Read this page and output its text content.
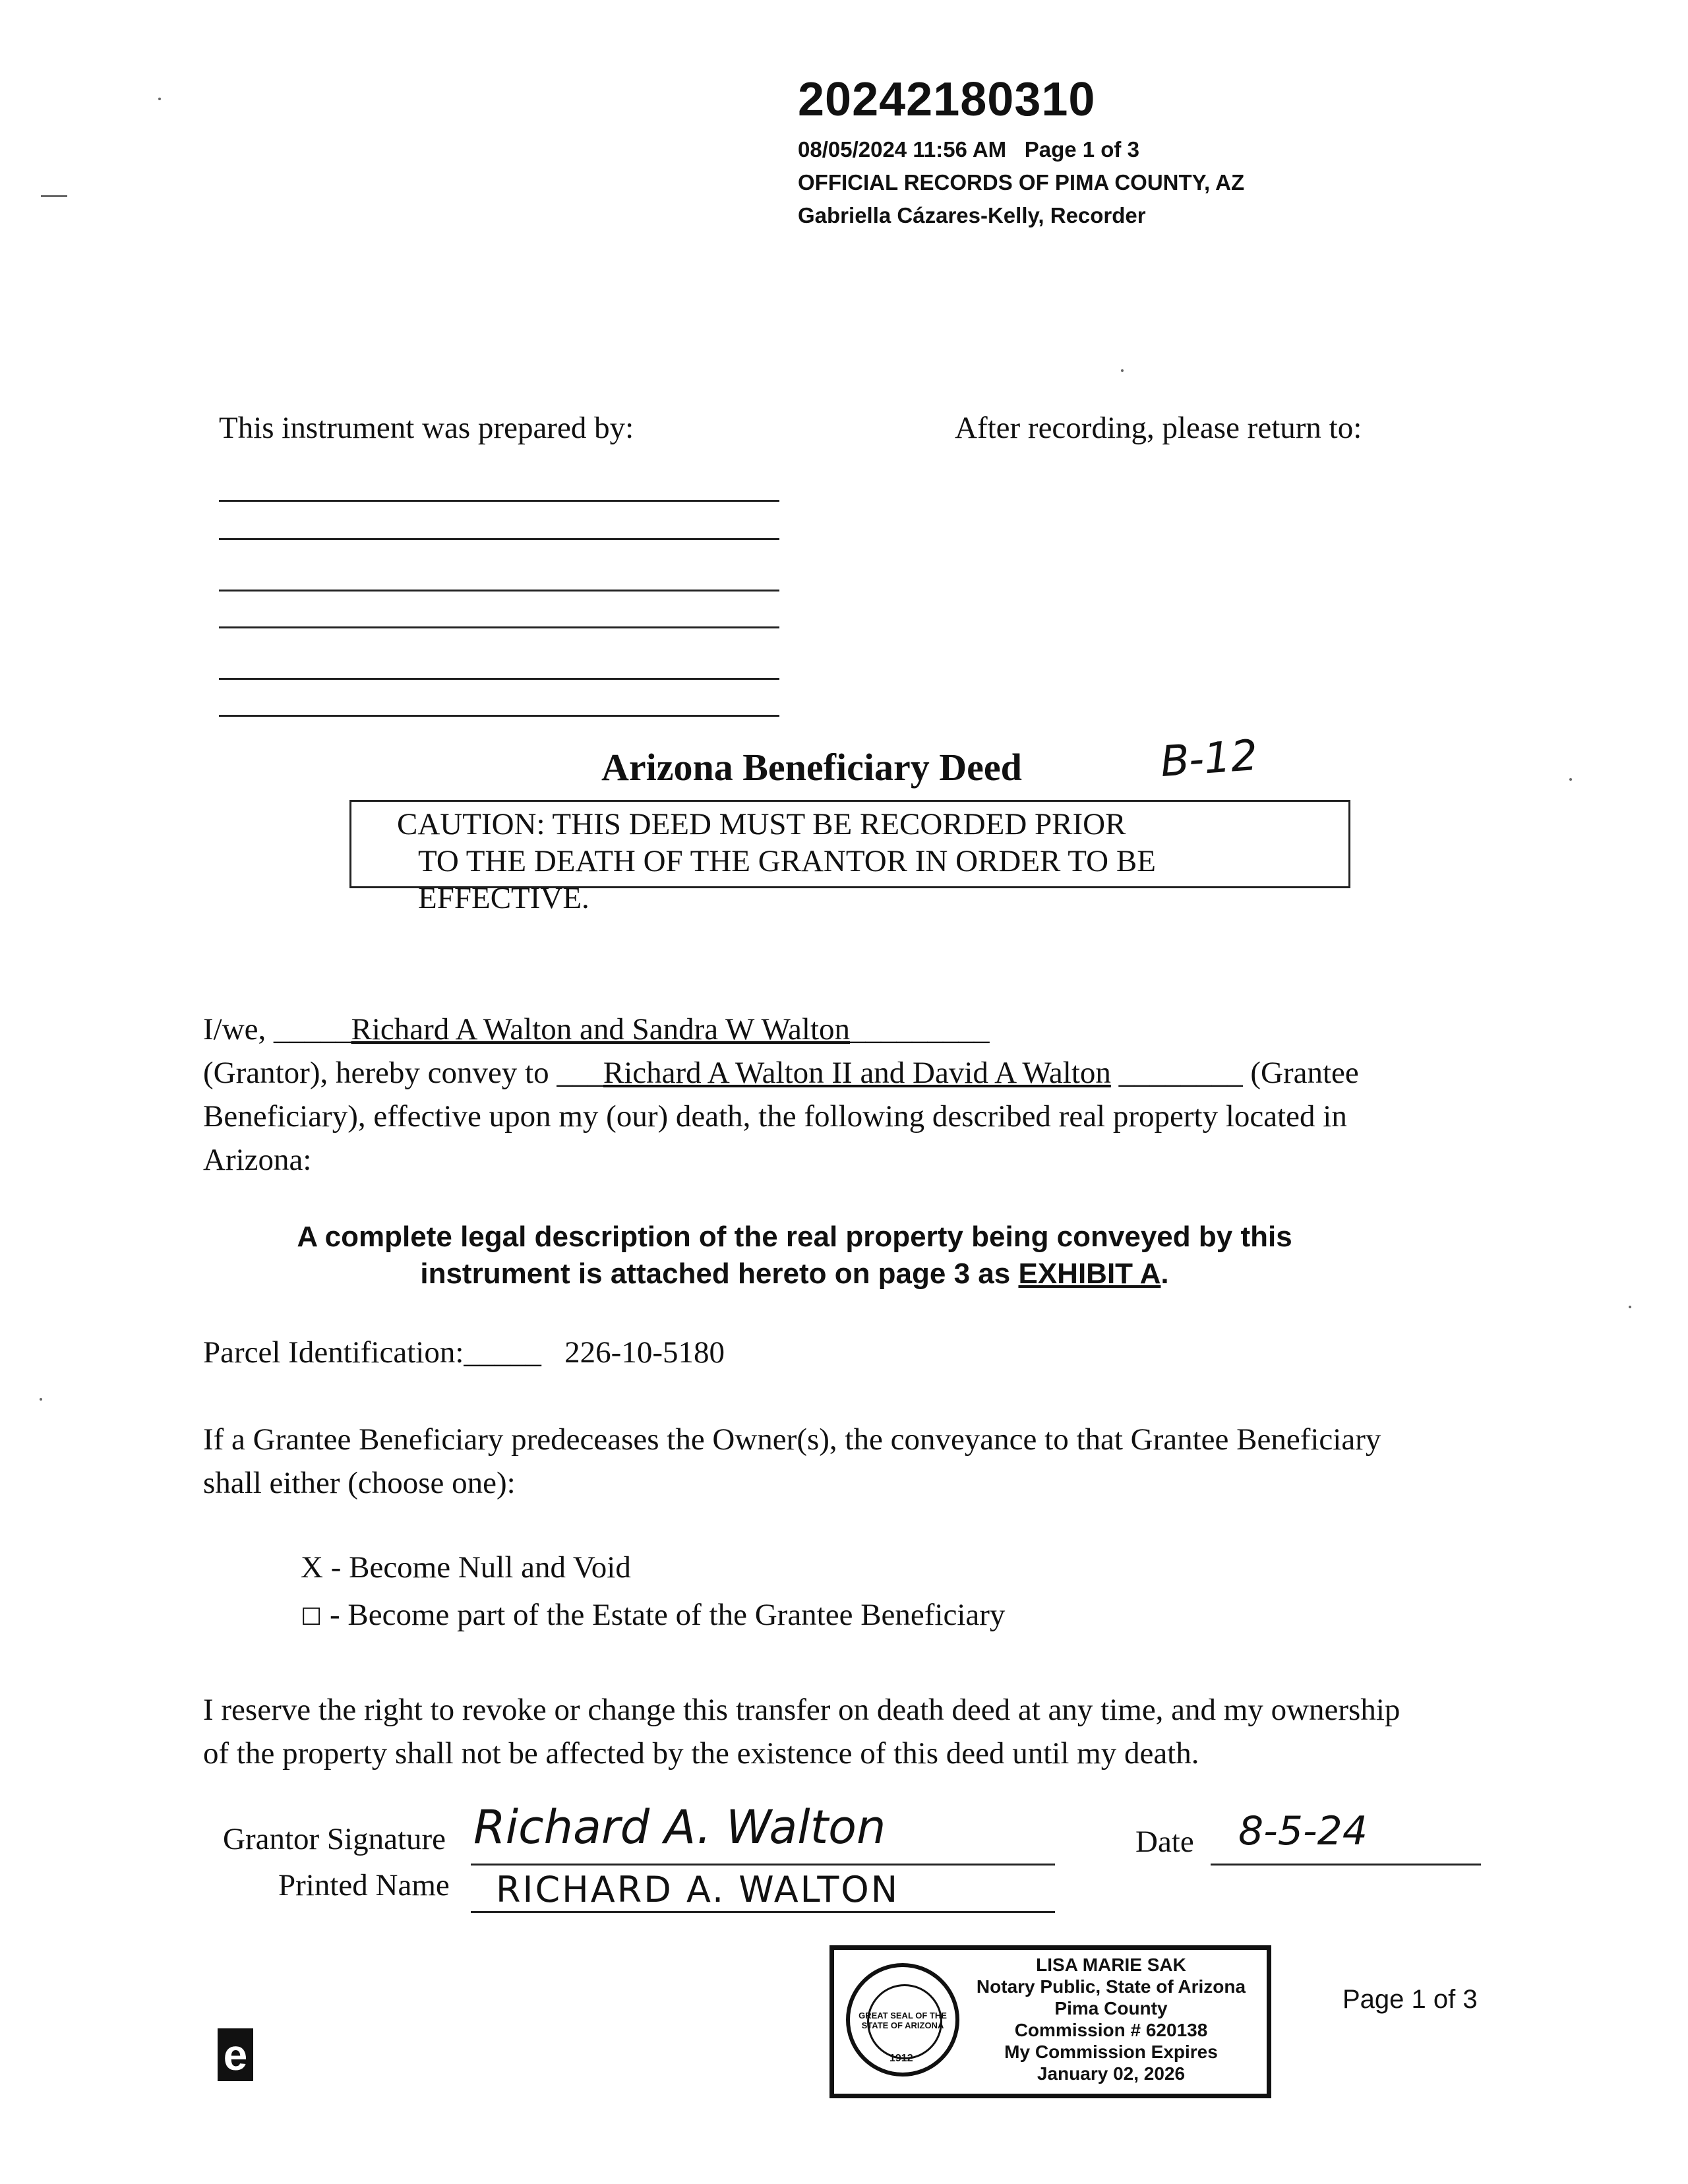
20242180310
08/05/2024 11:56 AM Page 1 of 3
OFFICIAL RECORDS OF PIMA COUNTY, AZ
Gabriella Cázares-Kelly, Recorder
This instrument was prepared by:	After recording, please return to:
Arizona Beneficiary Deed	B-12
CAUTION: THIS DEED MUST BE RECORDED PRIOR
TO THE DEATH OF THE GRANTOR IN ORDER TO BE
EFFECTIVE.
I/we, _____Richard A Walton and Sandra W Walton_________
(Grantor), hereby convey to ___Richard A Walton II and David A Walton ________ (Grantee
Beneficiary), effective upon my (our) death, the following described real property located in
Arizona:
A complete legal description of the real property being conveyed by this
instrument is attached hereto on page 3 as EXHIBIT A.
Parcel Identification:_____ 226-10-5180
If a Grantee Beneficiary predeceases the Owner(s), the conveyance to that Grantee Beneficiary
shall either (choose one):
X - Become Null and Void
☐ - Become part of the Estate of the Grantee Beneficiary
I reserve the right to revoke or change this transfer on death deed at any time, and my ownership
of the property shall not be affected by the existence of this deed until my death.
Grantor Signature Richard A. Walton	Date 8-5-24
Printed Name RICHARD A. WALTON
GREAT SEAL OF THE STATE OF ARIZONA
1912
LISA MARIE SAK
Notary Public, State of Arizona
Pima County
Commission # 620138
My Commission Expires
January 02, 2026
Page 1 of 3
e
